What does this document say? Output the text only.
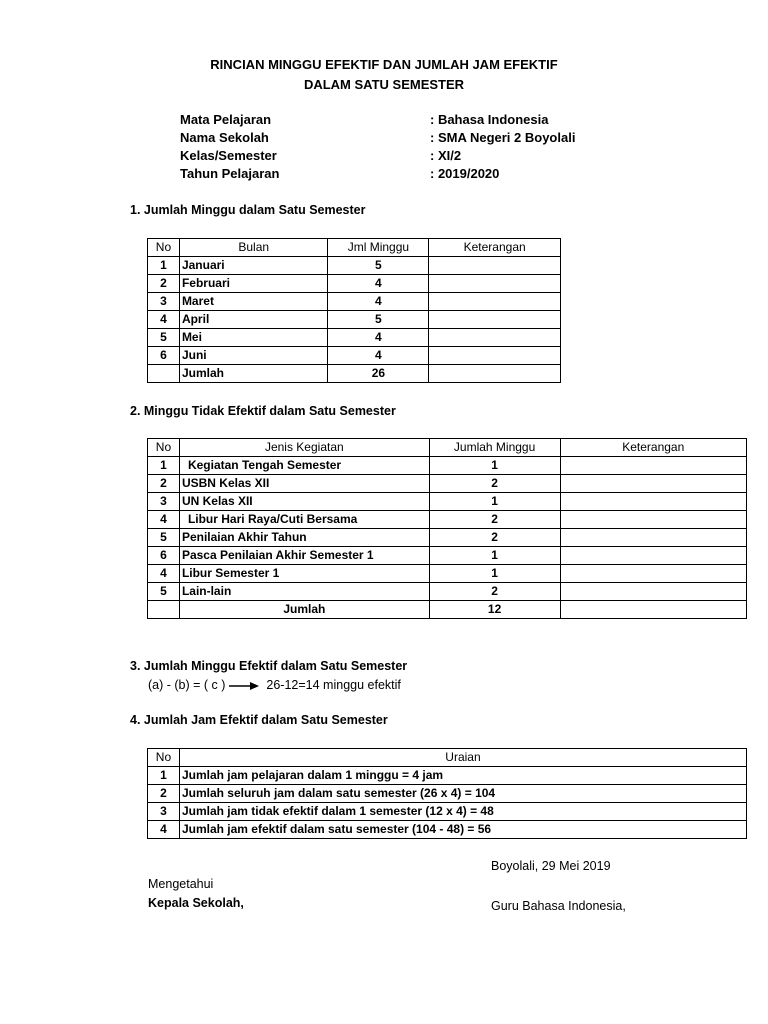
RINCIAN MINGGU EFEKTIF DAN JUMLAH JAM EFEKTIF
DALAM SATU SEMESTER
Mata Pelajaran	: Bahasa Indonesia
Nama Sekolah	: SMA Negeri 2 Boyolali
Kelas/Semester	: XI/2
Tahun Pelajaran	: 2019/2020
1. Jumlah Minggu dalam Satu Semester
No	Bulan	Jml Minggu	Keterangan
1	Januari	5	
2	Februari	4	
3	Maret	4	
4	April	5	
5	Mei	4	
6	Juni	4	
	Jumlah	26	
2. Minggu Tidak Efektif dalam Satu Semester
No	Jenis Kegiatan	Jumlah Minggu	Keterangan
1	Kegiatan Tengah Semester	1	
2	USBN Kelas XII	2	
3	UN Kelas XII	1	
4	Libur Hari Raya/Cuti Bersama	2	
5	Penilaian Akhir Tahun	2	
6	Pasca Penilaian Akhir Semester 1	1	
4	Libur Semester 1	1	
5	Lain-lain	2	
	Jumlah	12	
3. Jumlah Minggu Efektif dalam Satu Semester
(a) - (b) = ( c )	26-12=14 minggu efektif
4. Jumlah Jam Efektif dalam Satu Semester
No	Uraian
1	Jumlah jam pelajaran dalam 1 minggu = 4 jam
2	Jumlah seluruh jam dalam satu semester (26 x 4) = 104
3	Jumlah jam tidak efektif dalam 1 semester (12 x 4) = 48
4	Jumlah jam efektif dalam satu semester (104 - 48) = 56
Boyolali, 29 Mei 2019
Mengetahui
Kepala Sekolah,	Guru Bahasa Indonesia,
